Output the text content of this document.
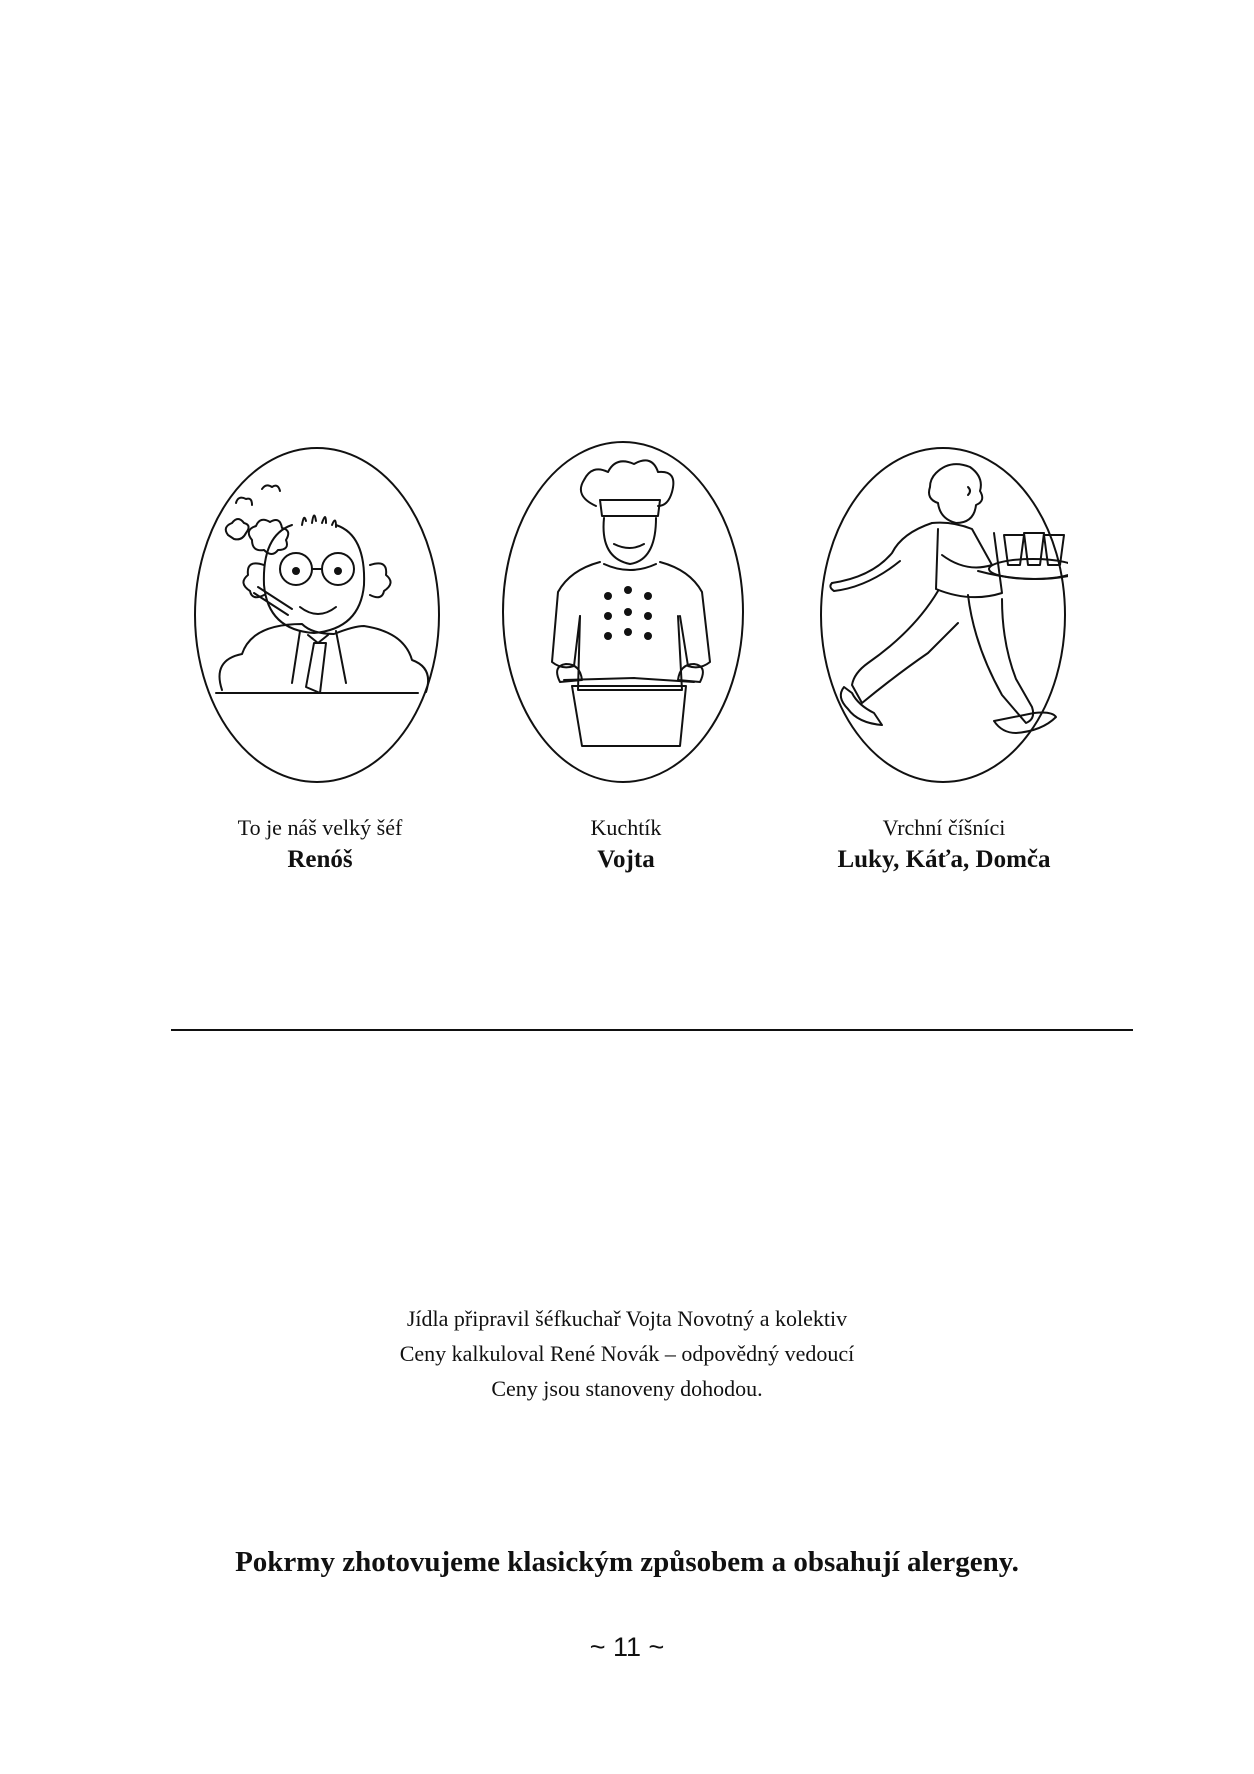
To je náš velký šéf
Renóš
Kuchtík
Vojta
Vrchní číšníci
Luky, Káťa, Domča
Jídla připravil šéfkuchař Vojta Novotný a kolektiv
Ceny kalkuloval René Novák – odpovědný vedoucí
Ceny jsou stanoveny dohodou.
Pokrmy zhotovujeme klasickým způsobem a obsahují alergeny.
~ 11 ~
